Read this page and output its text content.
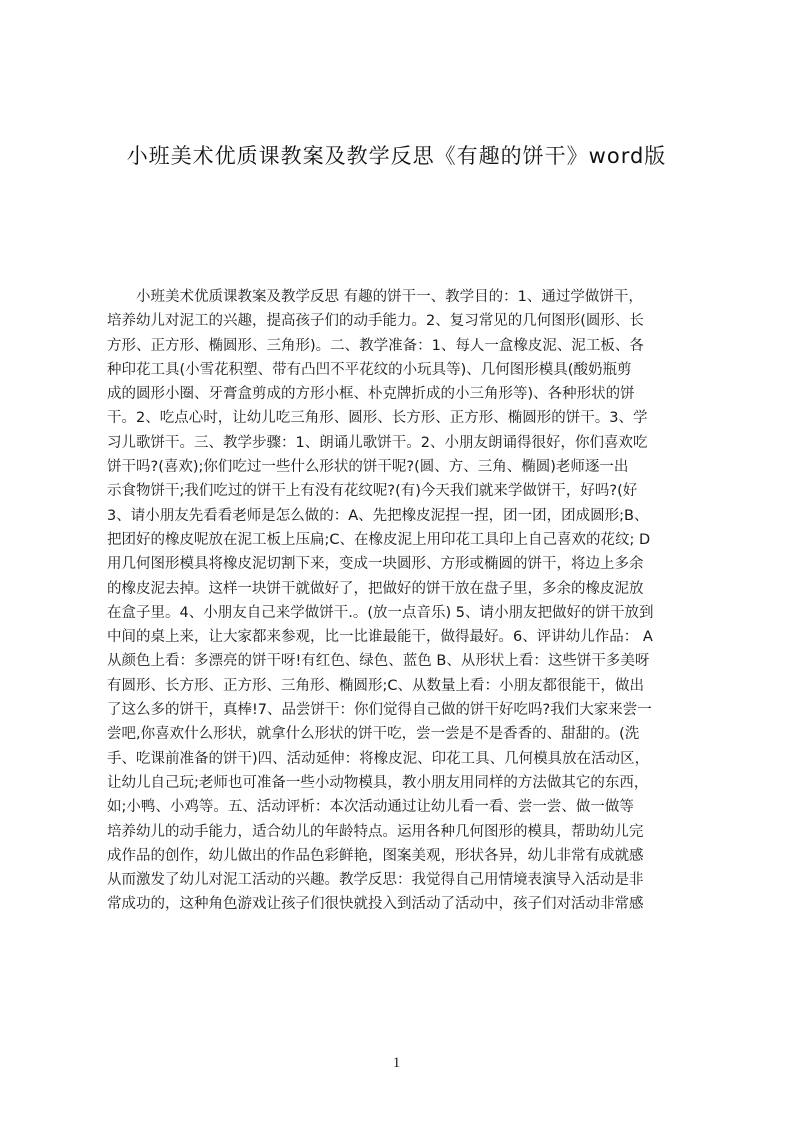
小班美术优质课教案及教学反思《有趣的饼干》word版
小班美术优质课教案及教学反思 有趣的饼干一、教学目的：1、通过学做饼干，
培养幼儿对泥工的兴趣，提高孩子们的动手能力。2、复习常见的几何图形(圆形、长
方形、正方形、椭圆形、三角形)。二、教学准备：1、每人一盒橡皮泥、泥工板、各
种印花工具(小雪花积塑、带有凸凹不平花纹的小玩具等)、几何图形模具(酸奶瓶剪
成的圆形小圈、牙膏盒剪成的方形小框、朴克牌折成的小三角形等)、各种形状的饼
干。2、吃点心时，让幼儿吃三角形、圆形、长方形、正方形、椭圆形的饼干。3、学
习儿歌饼干。三、教学步骤：1、朗诵儿歌饼干。2、小朋友朗诵得很好，你们喜欢吃
饼干吗?(喜欢);你们吃过一些什么形状的饼干呢?(圆、方、三角、椭圆)老师逐一出
示食物饼干;我们吃过的饼干上有没有花纹呢?(有)今天我们就来学做饼干，好吗?(好
3、请小朋友先看看老师是怎么做的：A、先把橡皮泥捏一捏，团一团，团成圆形;B、
把团好的橡皮呢放在泥工板上压扁;C、在橡皮泥上用印花工具印上自己喜欢的花纹; D
用几何图形模具将橡皮泥切割下来，变成一块圆形、方形或椭圆的饼干，将边上多余
的橡皮泥去掉。这样一块饼干就做好了，把做好的饼干放在盘子里，多余的橡皮泥放
在盒子里。4、小朋友自己来学做饼干.。(放一点音乐) 5、请小朋友把做好的饼干放到
中间的桌上来，让大家都来参观，比一比谁最能干，做得最好。6、评讲幼儿作品： A
从颜色上看：多漂亮的饼干呀!有红色、绿色、蓝色 B、从形状上看：这些饼干多美呀
有圆形、长方形、正方形、三角形、椭圆形;C、从数量上看：小朋友都很能干，做出
了这么多的饼干，真棒!7、品尝饼干：你们觉得自己做的饼干好吃吗?我们大家来尝一
尝吧,你喜欢什么形状，就拿什么形状的饼干吃，尝一尝是不是香香的、甜甜的。(洗
手、吃课前准备的饼干)四、活动延伸：将橡皮泥、印花工具、几何模具放在活动区，
让幼儿自己玩;老师也可准备一些小动物模具，教小朋友用同样的方法做其它的东西，
如;小鸭、小鸡等。五、活动评析：本次活动通过让幼儿看一看、尝一尝、做一做等
培养幼儿的动手能力，适合幼儿的年龄特点。运用各种几何图形的模具，帮助幼儿完
成作品的创作，幼儿做出的作品色彩鲜艳，图案美观，形状各异，幼儿非常有成就感
从而激发了幼儿对泥工活动的兴趣。教学反思：我觉得自己用情境表演导入活动是非
常成功的，这种角色游戏让孩子们很快就投入到活动了活动中，孩子们对活动非常感
1
